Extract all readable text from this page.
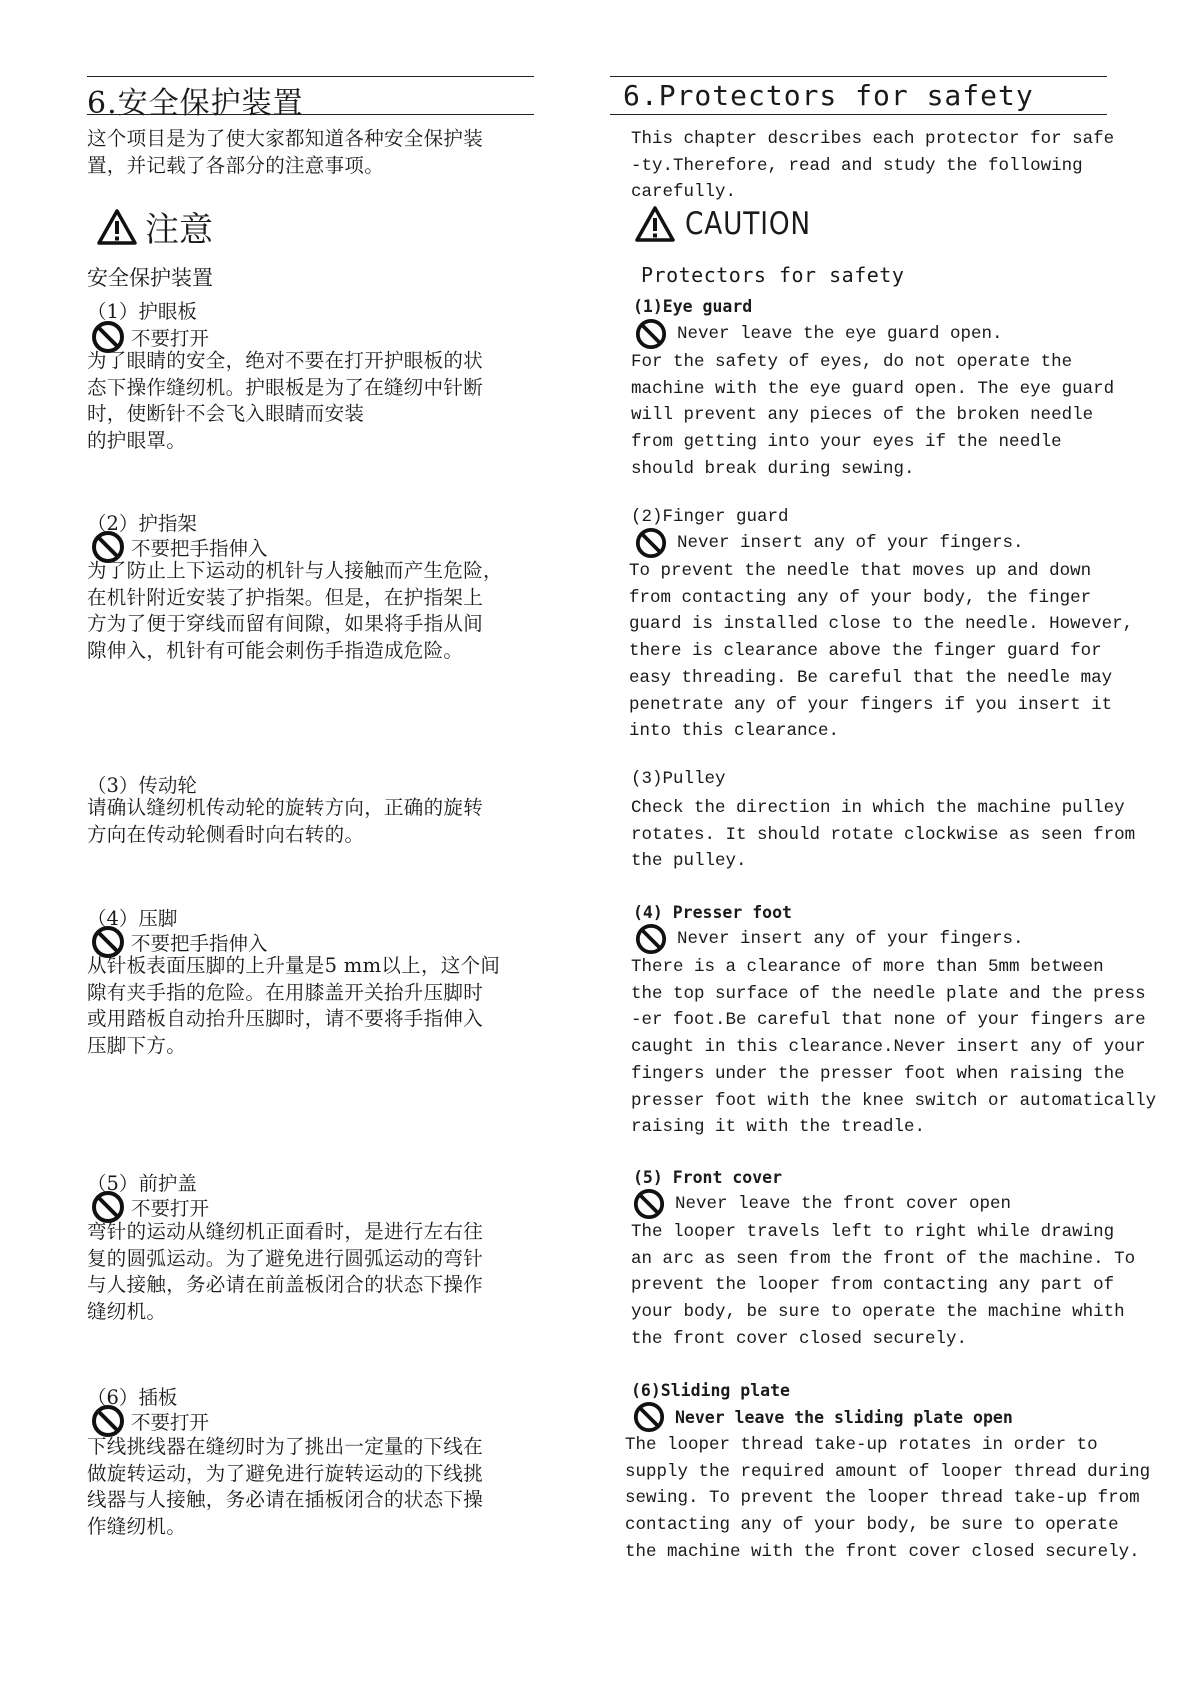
6.安全保护装置

这个项目是为了使大家都知道各种安全保护装
置，并记载了各部分的注意事项。

注意

安全保护装置

（1）护眼板

不要打开

为了眼睛的安全，绝对不要在打开护眼板的状
态下操作缝纫机。护眼板是为了在缝纫中针断
时，使断针不会飞入眼睛而安装
的护眼罩。

（2）护指架

不要把手指伸入

为了防止上下运动的机针与人接触而产生危险，
在机针附近安装了护指架。但是，在护指架上
方为了便于穿线而留有间隙，如果将手指从间
隙伸入，机针有可能会刺伤手指造成危险。

（3）传动轮

请确认缝纫机传动轮的旋转方向，正确的旋转
方向在传动轮侧看时向右转的。

（4）压脚

不要把手指伸入

从针板表面压脚的上升量是5 mm以上，这个间
隙有夹手指的危险。在用膝盖开关抬升压脚时
或用踏板自动抬升压脚时，请不要将手指伸入
压脚下方。

（5）前护盖

不要打开

弯针的运动从缝纫机正面看时，是进行左右往
复的圆弧运动。为了避免进行圆弧运动的弯针
与人接触，务必请在前盖板闭合的状态下操作
缝纫机。

（6）插板

不要打开

下线挑线器在缝纫时为了挑出一定量的下线在
做旋转运动，为了避免进行旋转运动的下线挑
线器与人接触，务必请在插板闭合的状态下操
作缝纫机。

6.Protectors for safety

This chapter describes each protector for safe
-ty.Therefore, read and study the following
carefully.

CAUTION

Protectors for safety

(1)Eye guard

Never leave the eye guard open.

For the safety of eyes, do not operate the
machine with the eye guard open. The eye guard
will prevent any pieces of the broken needle
from getting into your eyes if the needle
should break during sewing.

(2)Finger guard

Never insert any of your fingers.

To prevent the needle that moves up and down
from contacting any of your body, the finger
guard is installed close to the needle. However,
there is clearance above the finger guard for
easy threading. Be careful that the needle may
penetrate any of your fingers if you insert it
into this clearance.

(3)Pulley

Check the direction in which the machine pulley
rotates. It should rotate clockwise as seen from
the pulley.

(4) Presser foot

Never insert any of your fingers.

There is a clearance of more than 5mm between
the top surface of the needle plate and the press
-er foot.Be careful that none of your fingers are
caught in this clearance.Never insert any of your
fingers under the presser foot when raising the
presser foot with the knee switch or automatically
raising it with the treadle.

(5) Front cover

Never leave the front cover open

The looper travels left to right while drawing
an arc as seen from the front of the machine. To
prevent the looper from contacting any part of
your body, be sure to operate the machine whith
the front cover closed securely.

(6)Sliding plate

Never leave the sliding plate open

The looper thread take-up rotates in order to
supply the required amount of looper thread during
sewing. To prevent the looper thread take-up from
contacting any of your body, be sure to operate
the machine with the front cover closed securely.
